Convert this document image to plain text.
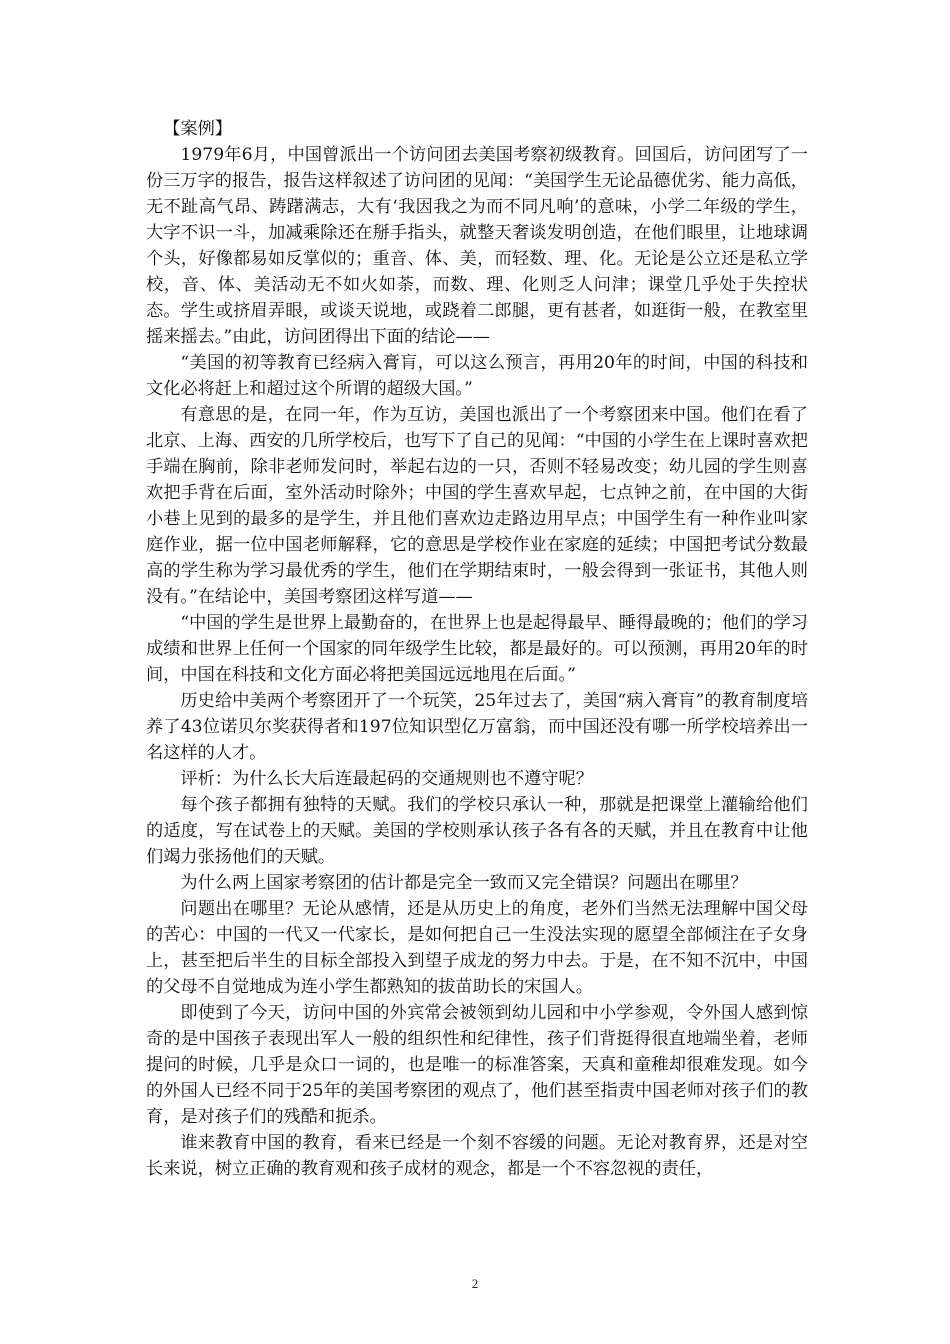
【案例】

1979年6月，中国曾派出一个访问团去美国考察初级教育。回国后，访问团写了一份三万字的报告，报告这样叙述了访问团的见闻：“美国学生无论品德优劣、能力高低，无不趾高气昂、踌躇满志，大有‘我因我之为而不同凡响’的意味，小学二年级的学生，大字不识一斗，加减乘除还在掰手指头，就整天奢谈发明创造，在他们眼里，让地球调个头，好像都易如反掌似的；重音、体、美，而轻数、理、化。无论是公立还是私立学校，音、体、美活动无不如火如荼，而数、理、化则乏人问津；课堂几乎处于失控状态。学生或挤眉弄眼，或谈天说地，或跷着二郎腿，更有甚者，如逛街一般，在教室里摇来摇去。”由此，访问团得出下面的结论——

“美国的初等教育已经病入膏肓，可以这么预言，再用20年的时间，中国的科技和文化必将赶上和超过这个所谓的超级大国。”

有意思的是，在同一年，作为互访，美国也派出了一个考察团来中国。他们在看了北京、上海、西安的几所学校后，也写下了自己的见闻：“中国的小学生在上课时喜欢把手端在胸前，除非老师发问时，举起右边的一只，否则不轻易改变；幼儿园的学生则喜欢把手背在后面，室外活动时除外；中国的学生喜欢早起，七点钟之前，在中国的大街小巷上见到的最多的是学生，并且他们喜欢边走路边用早点；中国学生有一种作业叫家庭作业，据一位中国老师解释，它的意思是学校作业在家庭的延续；中国把考试分数最高的学生称为学习最优秀的学生，他们在学期结束时，一般会得到一张证书，其他人则没有。”在结论中，美国考察团这样写道——

“中国的学生是世界上最勤奋的，在世界上也是起得最早、睡得最晚的；他们的学习成绩和世界上任何一个国家的同年级学生比较，都是最好的。可以预测，再用20年的时间，中国在科技和文化方面必将把美国远远地甩在后面。”

历史给中美两个考察团开了一个玩笑，25年过去了，美国“病入膏肓”的教育制度培养了43位诺贝尔奖获得者和197位知识型亿万富翁，而中国还没有哪一所学校培养出一名这样的人才。

评析：为什么长大后连最起码的交通规则也不遵守呢？

每个孩子都拥有独特的天赋。我们的学校只承认一种，那就是把课堂上灌输给他们的适度，写在试卷上的天赋。美国的学校则承认孩子各有各的天赋，并且在教育中让他们竭力张扬他们的天赋。

为什么两上国家考察团的估计都是完全一致而又完全错误？问题出在哪里？

问题出在哪里？无论从感情，还是从历史上的角度，老外们当然无法理解中国父母的苦心：中国的一代又一代家长，是如何把自己一生没法实现的愿望全部倾注在子女身上，甚至把后半生的目标全部投入到望子成龙的努力中去。于是，在不知不沉中，中国的父母不自觉地成为连小学生都熟知的拔苗助长的宋国人。

即使到了今天，访问中国的外宾常会被领到幼儿园和中小学参观，令外国人感到惊奇的是中国孩子表现出军人一般的组织性和纪律性，孩子们背挺得很直地端坐着，老师提问的时候，几乎是众口一词的，也是唯一的标准答案，天真和童稚却很难发现。如今的外国人已经不同于25年的美国考察团的观点了，他们甚至指责中国老师对孩子们的教育，是对孩子们的残酷和扼杀。

谁来教育中国的教育，看来已经是一个刻不容缓的问题。无论对教育界，还是对空长来说，树立正确的教育观和孩子成材的观念，都是一个不容忽视的责任，

2
